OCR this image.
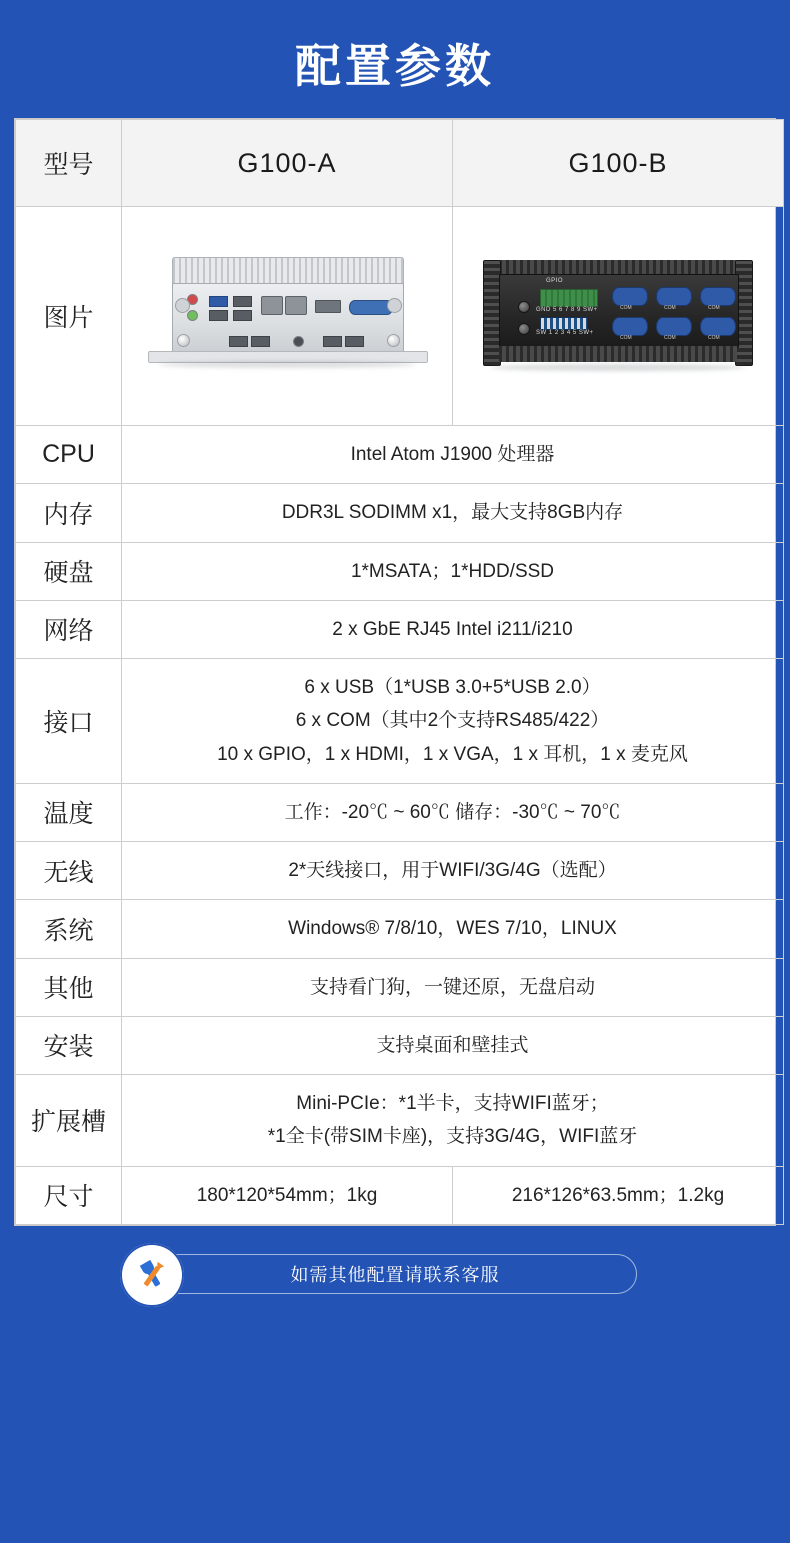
配置参数
型号	G100-A	G100-B
图片	

GPIO
GND 5 6 7 8 9 SW+
SW 1 2 3 4 5 SW+
COM	COM	COM
COM	COM	COM

CPU	Intel Atom J1900 处理器	
内存	DDR3L SODIMM x1，最大支持8GB内存	
硬盘	1*MSATA；1*HDD/SSD	
网络	2 x GbE RJ45 Intel i211/i210	
接口	6 x USB（1*USB 3.0+5*USB 2.0）
6 x COM（其中2个支持RS485/422）
10 x GPIO，1 x HDMI，1 x VGA，1 x 耳机，1 x 麦克风	

温度	工作：-20℃ ~ 60℃ 储存：-30℃ ~ 70℃	
无线	2*天线接口，用于WIFI/3G/4G（选配）	
系统	Windows® 7/8/10，WES 7/10，LINUX	
其他	支持看门狗，一键还原，无盘启动	
安装	支持桌面和壁挂式	
扩展槽	Mini-PCIe：*1半卡，支持WIFI蓝牙；
*1全卡(带SIM卡座)，支持3G/4G，WIFI蓝牙	

尺寸	180*120*54mm；1kg	216*126*63.5mm；1.2kg
如需其他配置请联系客服
